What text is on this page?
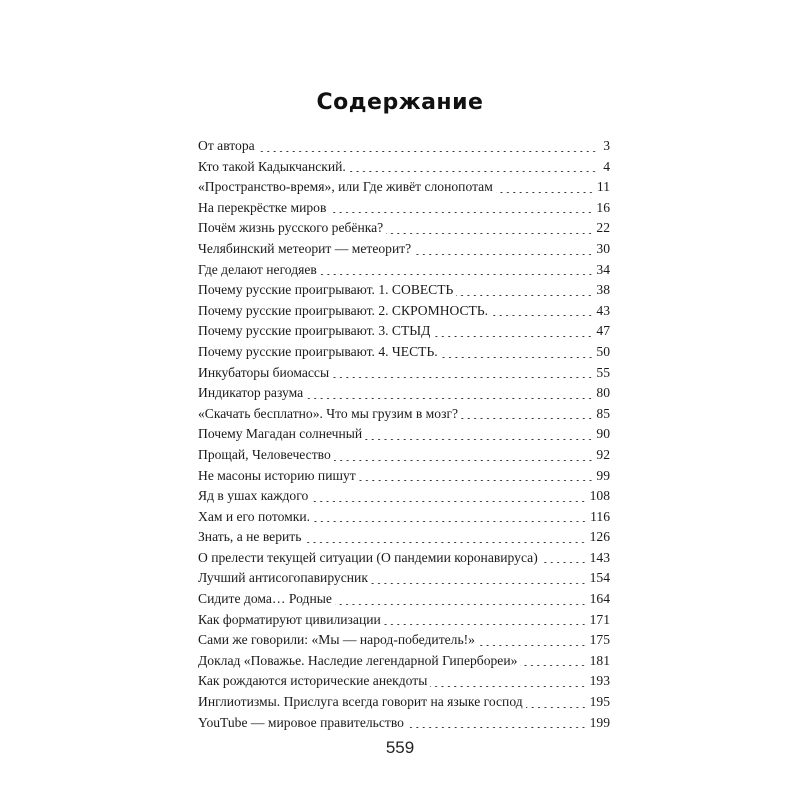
Содержание
От автора	3
Кто такой Кадыкчанский.	4
«Пространство-время», или Где живёт слонопотам	11
На перекрёстке миров	16
Почём жизнь русского ребёнка?	22
Челябинский метеорит — метеорит?	30
Где делают негодяев	34
Почему русские проигрывают. 1. СОВЕСТЬ	38
Почему русские проигрывают. 2. СКРОМНОСТЬ.	43
Почему русские проигрывают. 3. СТЫД	47
Почему русские проигрывают. 4. ЧЕСТЬ.	50
Инкубаторы биомассы	55
Индикатор разума	80
«Скачать бесплатно». Что мы грузим в мозг?	85
Почему Магадан солнечный	90
Прощай, Человечество	92
Не масоны историю пишут	99
Яд в ушах каждого	108
Хам и его потомки.	116
Знать, а не верить	126
О прелести текущей ситуации (О пандемии коронавируса)	143
Лучший антисогопавирусник	154
Сидите дома… Родные	164
Как форматируют цивилизации	171
Сами же говорили: «Мы — народ-победитель!»	175
Доклад «Поважье. Наследие легендарной Гипербореи»	181
Как рождаются исторические анекдоты	193
Инглиотизмы. Прислуга всегда говорит на языке господ	195
YouTube — мировое правительство	199
559
